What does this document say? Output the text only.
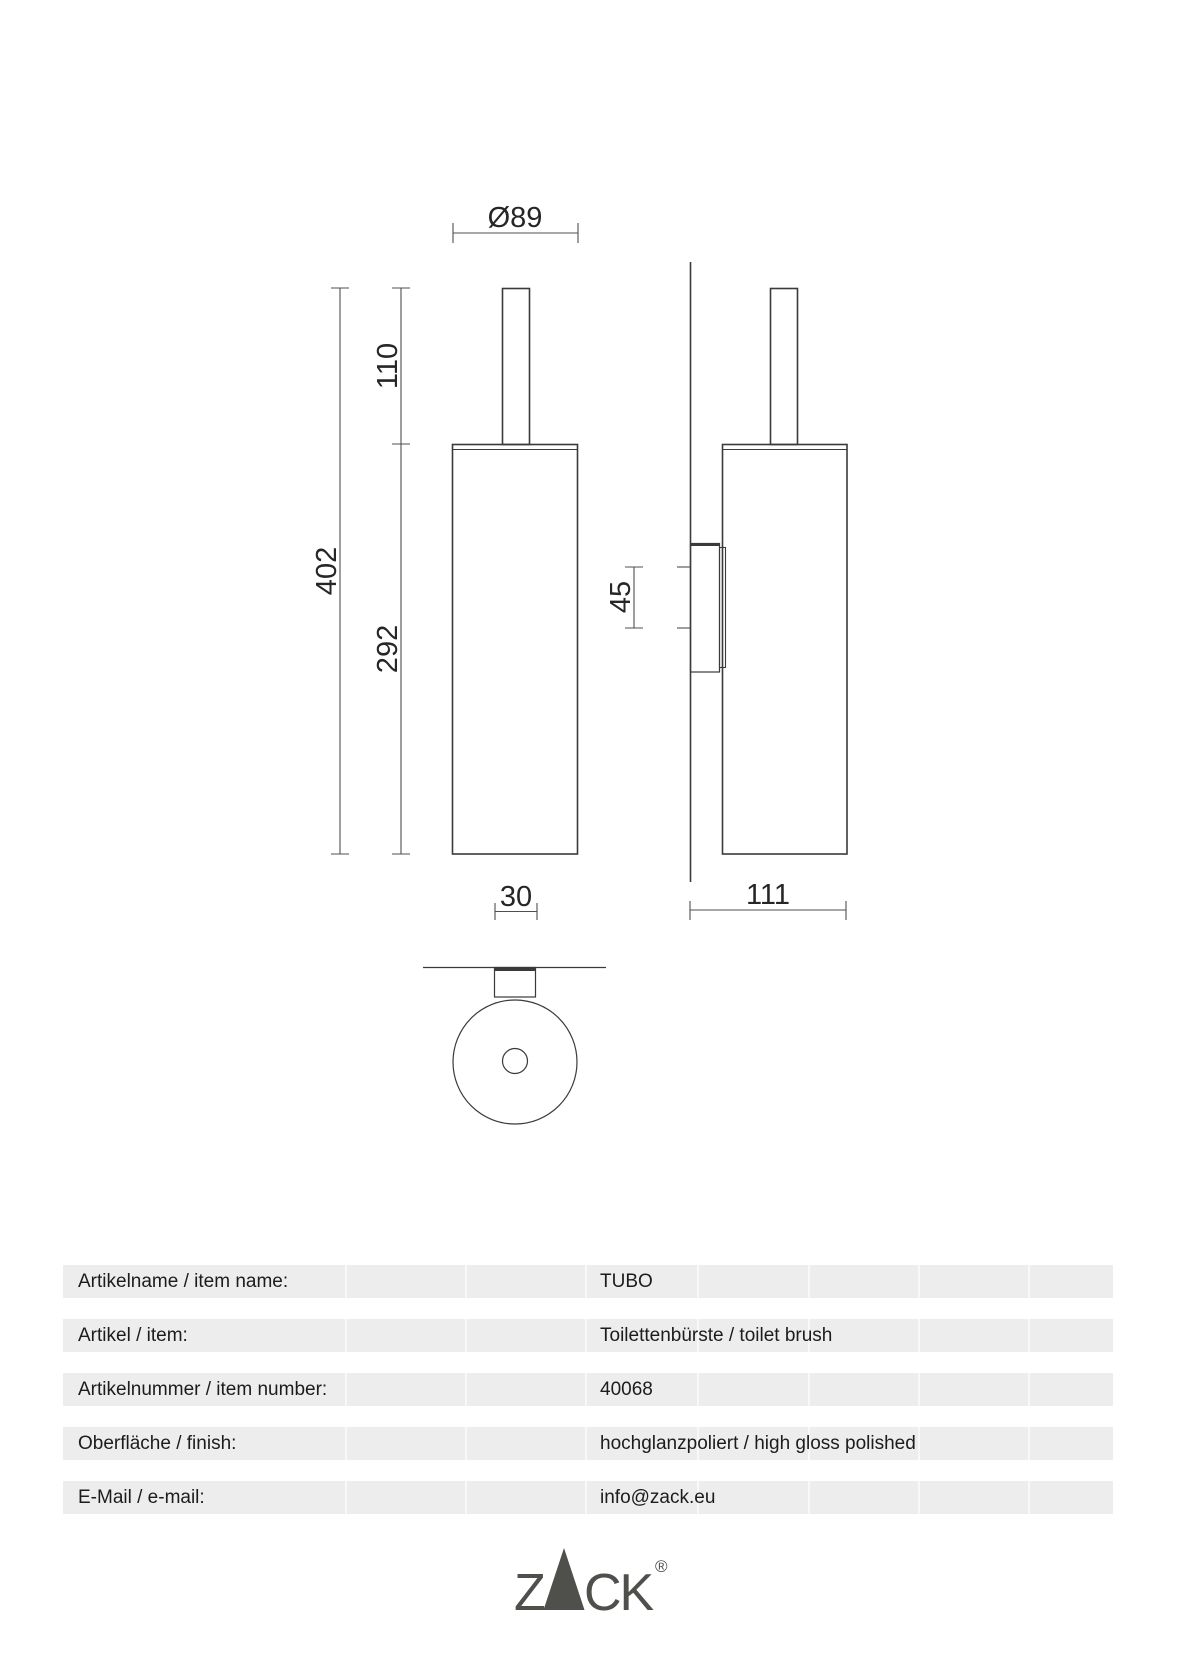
Ø89
402
110
292
45
111
30
Artikelname / item name:	TUBO
Artikel / item:	Toilettenbürste / toilet brush
Artikelnummer / item number:	40068
Oberfläche / finish:	hochglanzpoliert / high gloss polished
E-Mail / e-mail:	info@zack.eu
Z CK ®
